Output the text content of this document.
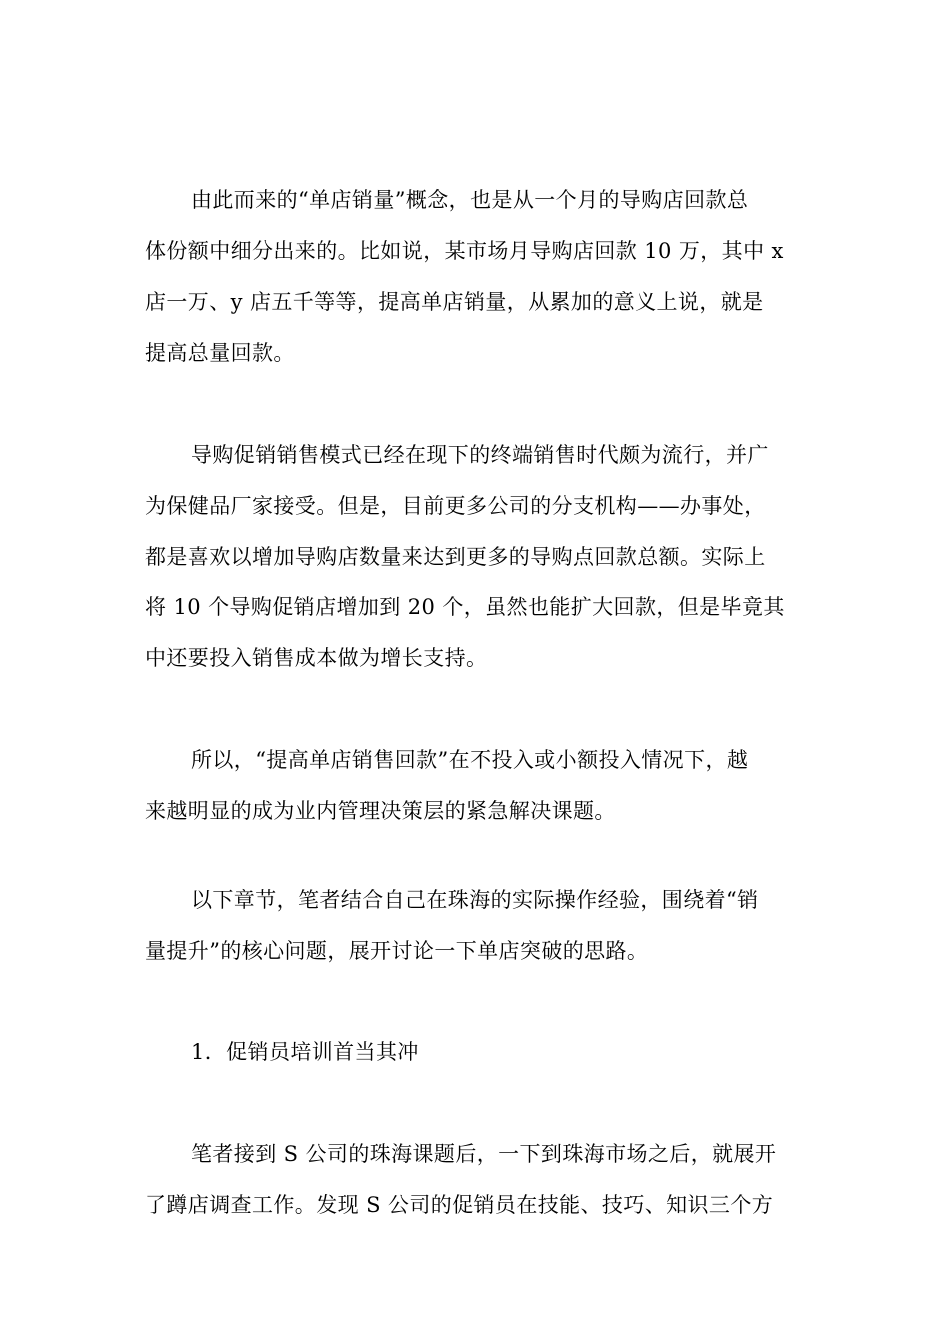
由此而来的“单店销量”概念，也是从一个月的导购店回款总
体份额中细分出来的。比如说，某市场月导购店回款 10 万，其中 x
店一万、y 店五千等等，提高单店销量，从累加的意义上说，就是
提高总量回款。
导购促销销售模式已经在现下的终端销售时代颇为流行，并广
为保健品厂家接受。但是，目前更多公司的分支机构——办事处，
都是喜欢以增加导购店数量来达到更多的导购点回款总额。实际上
将 10 个导购促销店增加到 20 个，虽然也能扩大回款，但是毕竟其
中还要投入销售成本做为增长支持。
所以，“提高单店销售回款”在不投入或小额投入情况下，越
来越明显的成为业内管理决策层的紧急解决课题。
以下章节，笔者结合自己在珠海的实际操作经验，围绕着“销
量提升”的核心问题，展开讨论一下单店突破的思路。
1．促销员培训首当其冲
笔者接到 S 公司的珠海课题后，一下到珠海市场之后，就展开
了蹲店调查工作。发现 S 公司的促销员在技能、技巧、知识三个方
